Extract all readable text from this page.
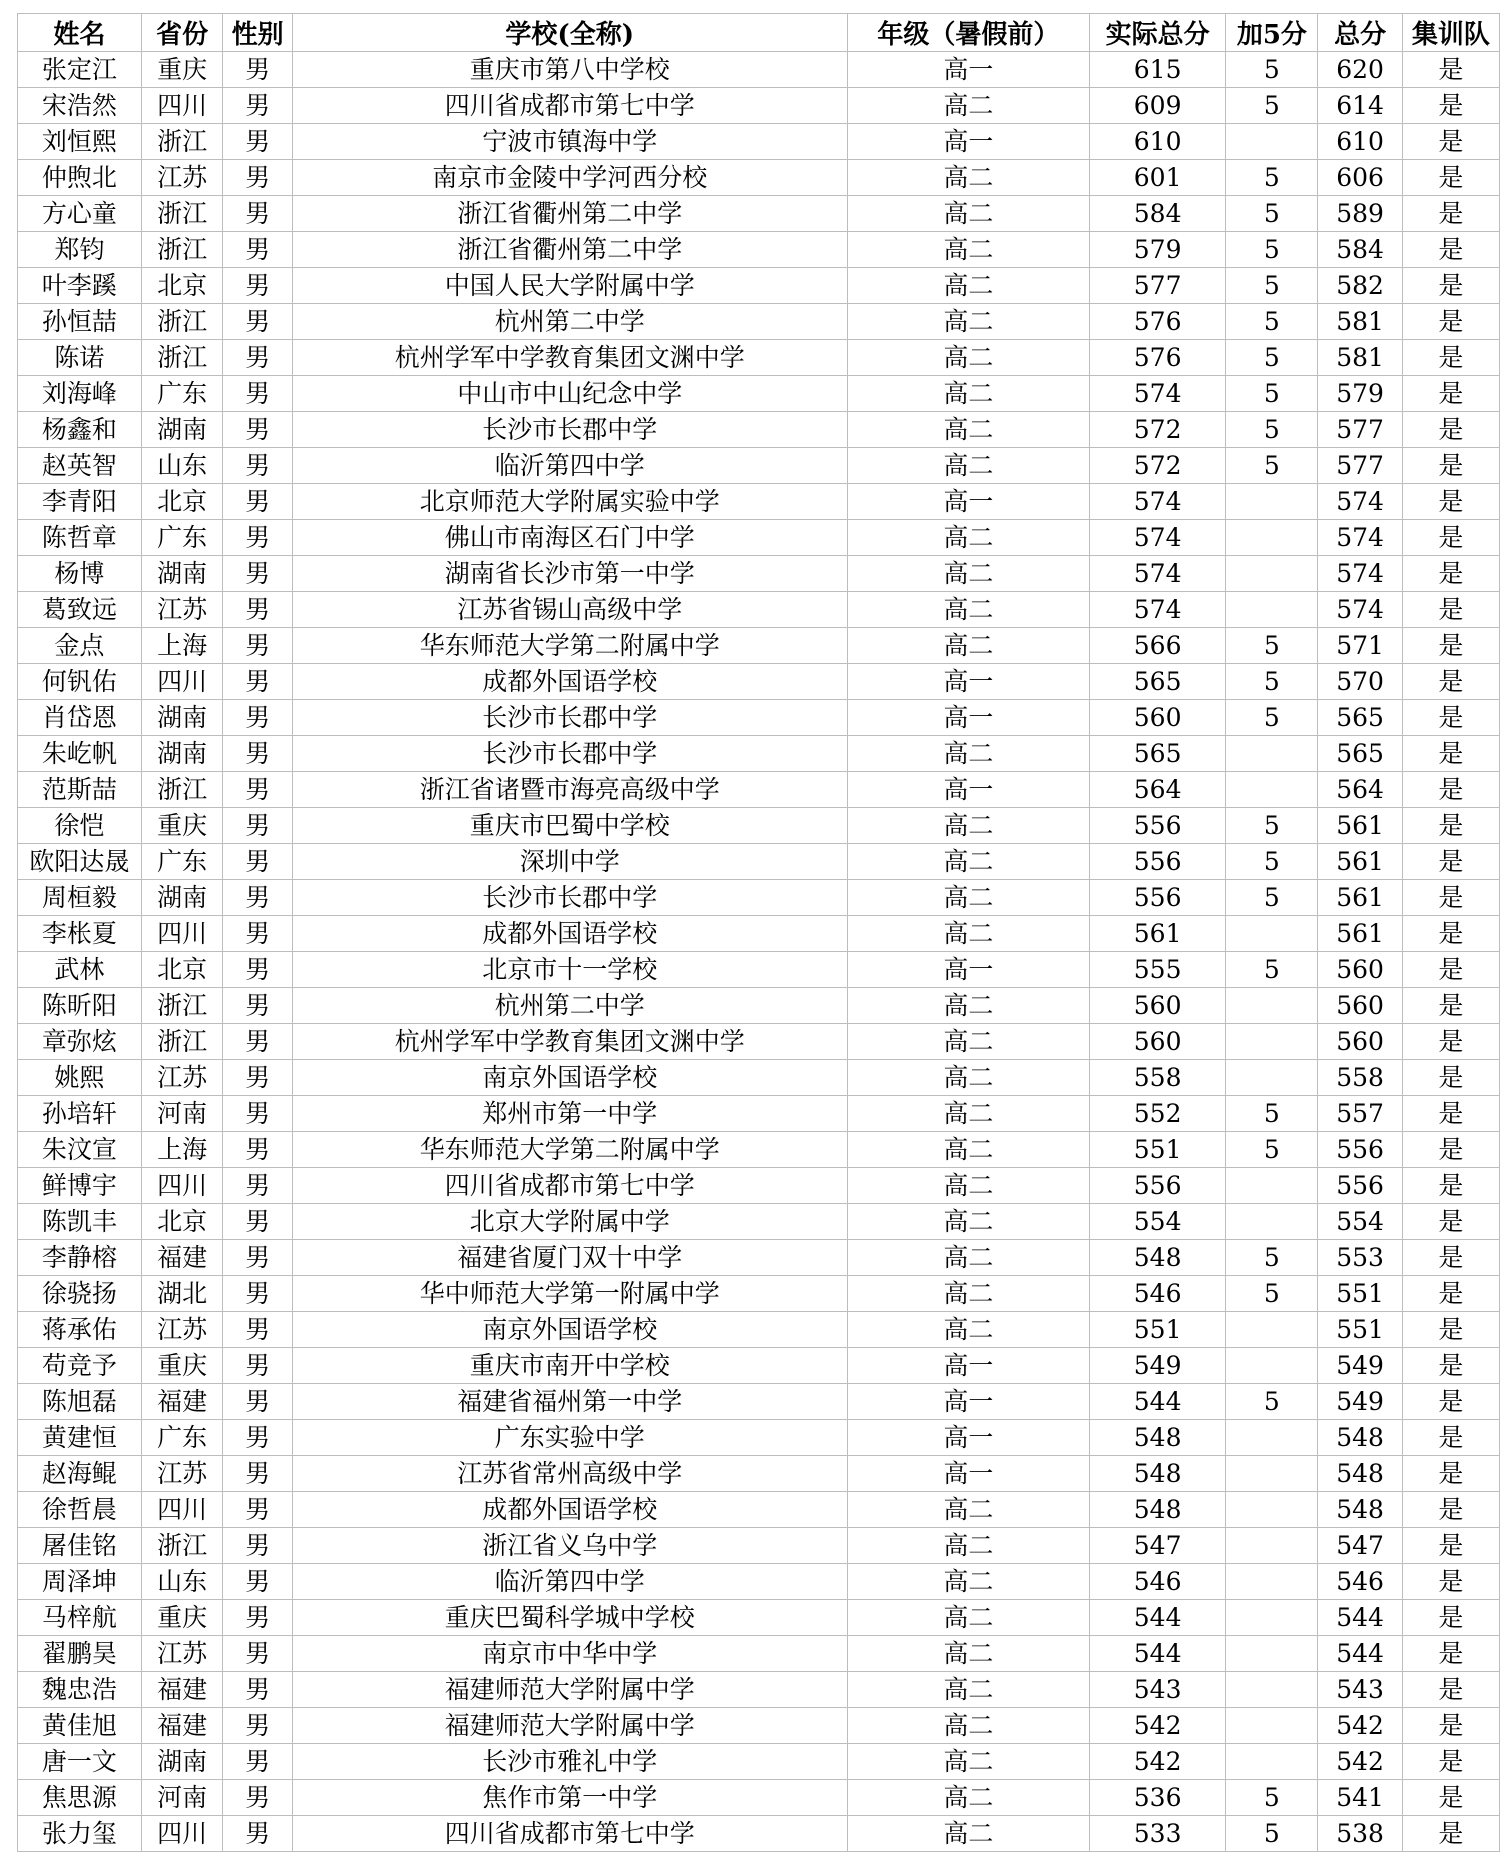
姓名	省份	性别	学校(全称)	年级（暑假前）	实际总分	加5分	总分	集训队
张定江	重庆	男	重庆市第八中学校	高一	615	5	620	是
宋浩然	四川	男	四川省成都市第七中学	高二	609	5	614	是
刘恒熙	浙江	男	宁波市镇海中学	高一	610		610	是
仲煦北	江苏	男	南京市金陵中学河西分校	高二	601	5	606	是
方心童	浙江	男	浙江省衢州第二中学	高二	584	5	589	是
郑钧	浙江	男	浙江省衢州第二中学	高二	579	5	584	是
叶李蹊	北京	男	中国人民大学附属中学	高二	577	5	582	是
孙恒喆	浙江	男	杭州第二中学	高二	576	5	581	是
陈诺	浙江	男	杭州学军中学教育集团文渊中学	高二	576	5	581	是
刘海峰	广东	男	中山市中山纪念中学	高二	574	5	579	是
杨鑫和	湖南	男	长沙市长郡中学	高二	572	5	577	是
赵英智	山东	男	临沂第四中学	高二	572	5	577	是
李青阳	北京	男	北京师范大学附属实验中学	高一	574		574	是
陈哲章	广东	男	佛山市南海区石门中学	高二	574		574	是
杨博	湖南	男	湖南省长沙市第一中学	高二	574		574	是
葛致远	江苏	男	江苏省锡山高级中学	高二	574		574	是
金点	上海	男	华东师范大学第二附属中学	高二	566	5	571	是
何钒佑	四川	男	成都外国语学校	高一	565	5	570	是
肖岱恩	湖南	男	长沙市长郡中学	高一	560	5	565	是
朱屹帆	湖南	男	长沙市长郡中学	高二	565		565	是
范斯喆	浙江	男	浙江省诸暨市海亮高级中学	高一	564		564	是
徐恺	重庆	男	重庆市巴蜀中学校	高二	556	5	561	是
欧阳达晟	广东	男	深圳中学	高二	556	5	561	是
周桓毅	湖南	男	长沙市长郡中学	高二	556	5	561	是
李枨夏	四川	男	成都外国语学校	高二	561		561	是
武林	北京	男	北京市十一学校	高一	555	5	560	是
陈昕阳	浙江	男	杭州第二中学	高二	560		560	是
章弥炫	浙江	男	杭州学军中学教育集团文渊中学	高二	560		560	是
姚熙	江苏	男	南京外国语学校	高二	558		558	是
孙培轩	河南	男	郑州市第一中学	高二	552	5	557	是
朱汶宣	上海	男	华东师范大学第二附属中学	高二	551	5	556	是
鲜博宇	四川	男	四川省成都市第七中学	高二	556		556	是
陈凯丰	北京	男	北京大学附属中学	高二	554		554	是
李静榕	福建	男	福建省厦门双十中学	高二	548	5	553	是
徐骁扬	湖北	男	华中师范大学第一附属中学	高二	546	5	551	是
蒋承佑	江苏	男	南京外国语学校	高二	551		551	是
苟竞予	重庆	男	重庆市南开中学校	高一	549		549	是
陈旭磊	福建	男	福建省福州第一中学	高一	544	5	549	是
黄建恒	广东	男	广东实验中学	高一	548		548	是
赵海鲲	江苏	男	江苏省常州高级中学	高一	548		548	是
徐哲晨	四川	男	成都外国语学校	高二	548		548	是
屠佳铭	浙江	男	浙江省义乌中学	高二	547		547	是
周泽坤	山东	男	临沂第四中学	高二	546		546	是
马梓航	重庆	男	重庆巴蜀科学城中学校	高二	544		544	是
翟鹏昊	江苏	男	南京市中华中学	高二	544		544	是
魏忠浩	福建	男	福建师范大学附属中学	高二	543		543	是
黄佳旭	福建	男	福建师范大学附属中学	高二	542		542	是
唐一文	湖南	男	长沙市雅礼中学	高二	542		542	是
焦思源	河南	男	焦作市第一中学	高二	536	5	541	是
张力玺	四川	男	四川省成都市第七中学	高二	533	5	538	是
